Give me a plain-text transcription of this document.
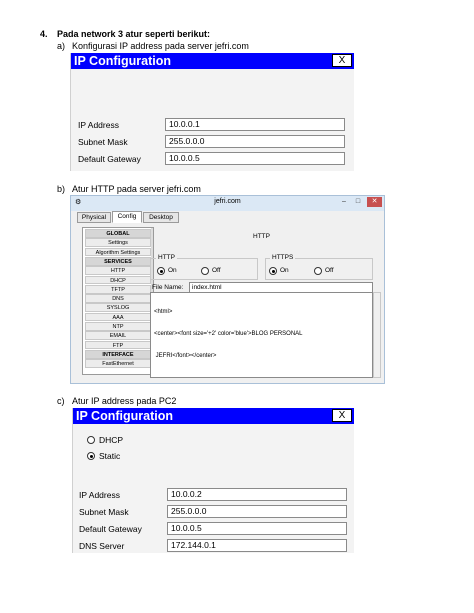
4. Pada network 3 atur seperti berikut:
a) Konfigurasi IP address pada server jefri.com
IP Configuration	X
IP Address	10.0.0.1
Subnet Mask	255.0.0.0
Default Gateway	10.0.0.5
b) Atur HTTP pada server jefri.com
⚙	jefri.com	– □	✕
Physical	Config	Desktop
GLOBAL
Settings
Algorithm Settings
SERVICES
HTTP
DHCP
TFTP
DNS
SYSLOG
AAA
NTP
EMAIL
FTP
INTERFACE
FastEthernet
HTTP
HTTP
On	Off
HTTPS
On	Off
File Name:	index.html

<html>

<center><font size='+2' color='blue'>BLOG PERSONAL

JEFRI</font></center>

c) Atur IP address pada PC2
IP Configuration	X
DHCP
Static
IP Address	10.0.0.2
Subnet Mask	255.0.0.0
Default Gateway	10.0.0.5
DNS Server	172.144.0.1
